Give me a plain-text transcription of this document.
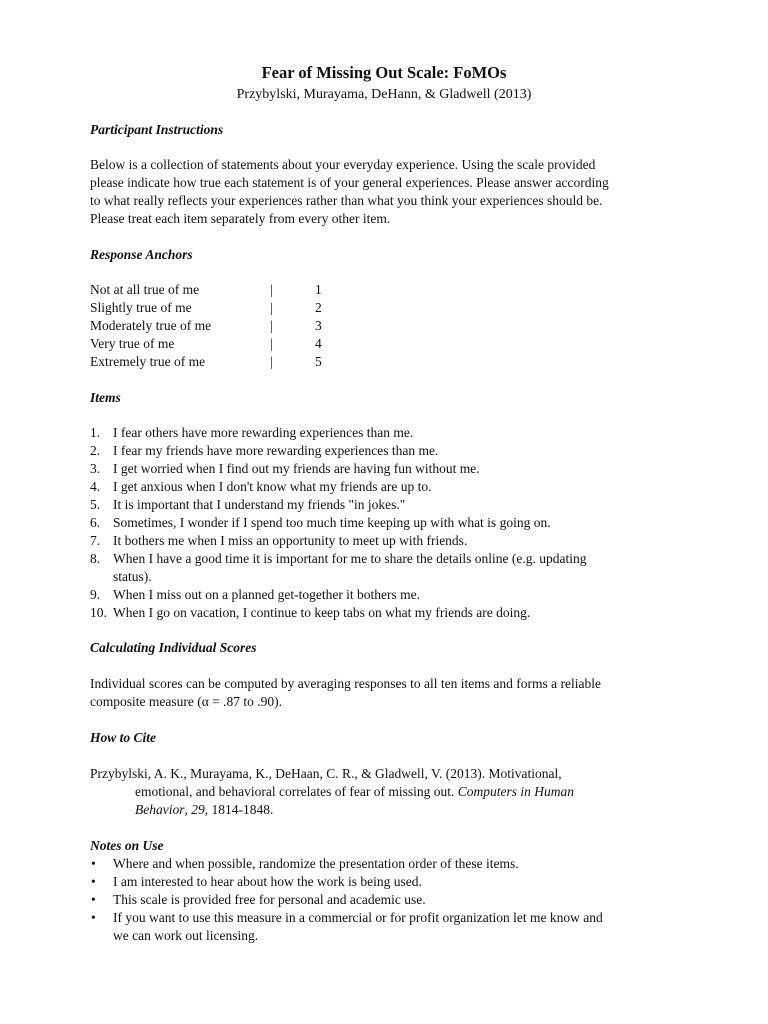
Fear of Missing Out Scale: FoMOs
Przybylski, Murayama, DeHann, & Gladwell (2013)
Participant Instructions
Below is a collection of statements about your everyday experience. Using the scale provided
please indicate how true each statement is of your general experiences. Please answer according
to what really reflects your experiences rather than what you think your experiences should be.
Please treat each item separately from every other item.
Response Anchors
Not at all true of me	|	1
Slightly true of me	|	2
Moderately true of me	|	3
Very true of me	|	4
Extremely true of me	|	5
Items
1. I fear others have more rewarding experiences than me.
2. I fear my friends have more rewarding experiences than me.
3. I get worried when I find out my friends are having fun without me.
4. I get anxious when I don't know what my friends are up to.
5. It is important that I understand my friends "in jokes."
6. Sometimes, I wonder if I spend too much time keeping up with what is going on.
7. It bothers me when I miss an opportunity to meet up with friends.
8. When I have a good time it is important for me to share the details online (e.g. updating
status).
9. When I miss out on a planned get-together it bothers me.
10. When I go on vacation, I continue to keep tabs on what my friends are doing.
Calculating Individual Scores
Individual scores can be computed by averaging responses to all ten items and forms a reliable
composite measure (α = .87 to .90).
How to Cite
Przybylski, A. K., Murayama, K., DeHaan, C. R., & Gladwell, V. (2013). Motivational,
emotional, and behavioral correlates of fear of missing out. Computers in Human
Behavior, 29, 1814-1848.
Notes on Use
• Where and when possible, randomize the presentation order of these items.
• I am interested to hear about how the work is being used.
• This scale is provided free for personal and academic use.
• If you want to use this measure in a commercial or for profit organization let me know and
we can work out licensing.
